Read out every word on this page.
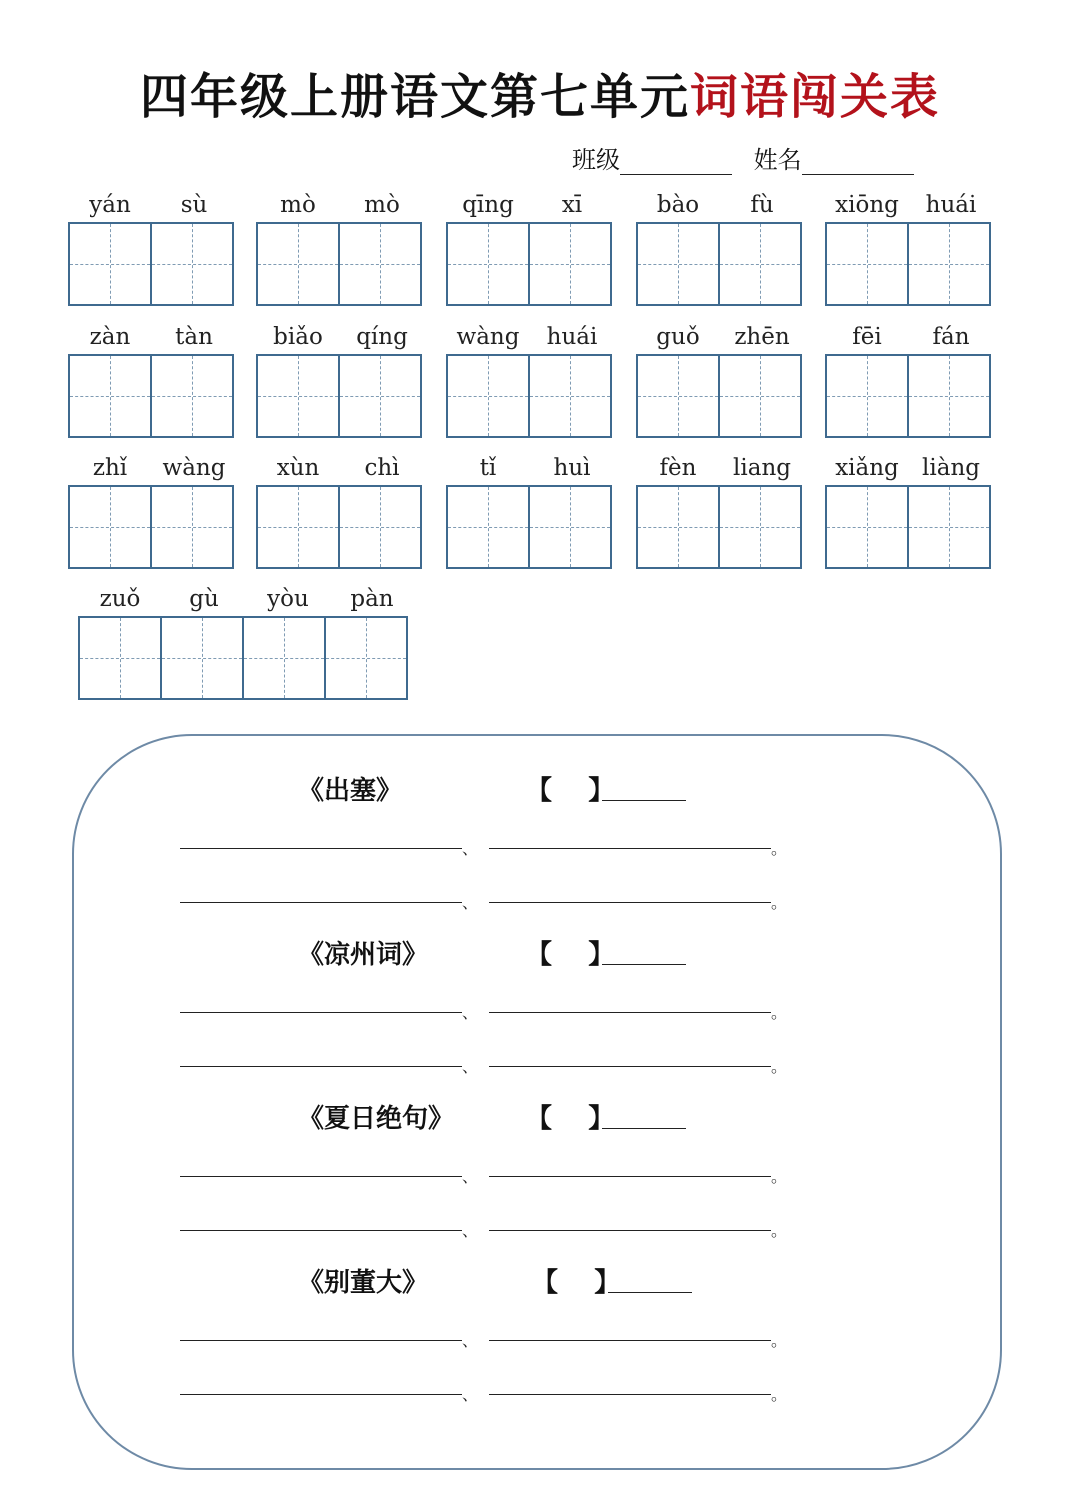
四年级上册语文第七单元词语闯关表
班级	姓名
yán	sù	mò	mò	qīng	xī	bào	fù	xiōng	huái
zàn	tàn	biǎo	qíng	wàng	huái	guǒ	zhēn	fēi	fán
zhǐ	wàng	xùn	chì	tǐ	huì	fèn	liang	xiǎng	liàng
zuǒ	gù	yòu	pàn
《出塞》	【    】
、	。
、	。
《凉州词》	【    】
、	。
、	。
《夏日绝句》	【    】
、	。
、	。
《别董大》	【    】
、	。
、	。
